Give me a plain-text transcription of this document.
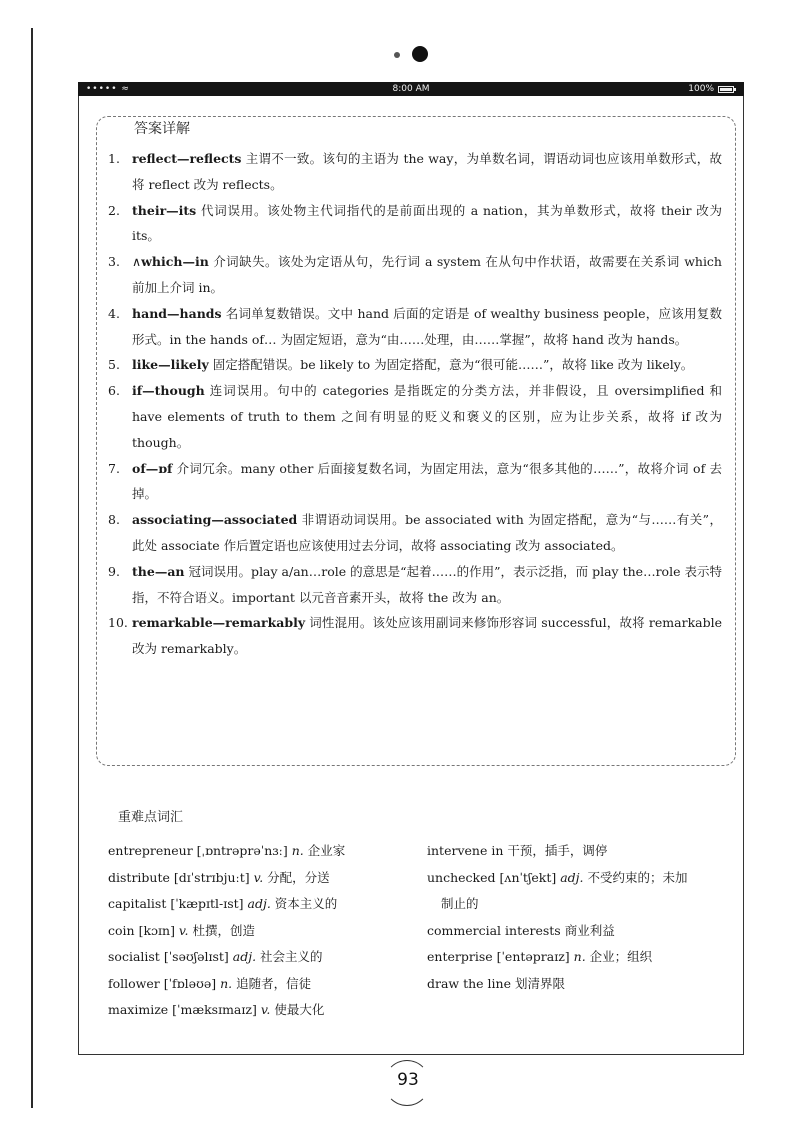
••••• ≈	8:00 AM	100%
答案详解
1. reflect—reflects 主谓不一致。该句的主语为 the way，为单数名词，谓语动词也应该用单数形式，故将 reflect 改为 reflects。
2. their—its 代词误用。该处物主代词指代的是前面出现的 a nation，其为单数形式，故将 their 改为 its。
3. ∧which—in 介词缺失。该处为定语从句，先行词 a system 在从句中作状语，故需要在关系词 which 前加上介词 in。
4. hand—hands 名词单复数错误。文中 hand 后面的定语是 of wealthy business people，应该用复数形式。in the hands of… 为固定短语，意为“由……处理，由……掌握”，故将 hand 改为 hands。
5. like—likely 固定搭配错误。be likely to 为固定搭配，意为“很可能……”，故将 like 改为 likely。
6. if—though 连词误用。句中的 categories 是指既定的分类方法，并非假设，且 oversimplified 和 have elements of truth to them 之间有明显的贬义和褒义的区别，应为让步关系，故将 if 改为 though。
7. of—ɒf 介词冗余。many other 后面接复数名词，为固定用法，意为“很多其他的……”，故将介词 of 去掉。
8. associating—associated 非谓语动词误用。be associated with 为固定搭配，意为“与……有关”，此处 associate 作后置定语也应该使用过去分词，故将 associating 改为 associated。
9. the—an 冠词误用。play a/an…role 的意思是“起着……的作用”，表示泛指，而 play the…role 表示特指，不符合语义。important 以元音音素开头，故将 the 改为 an。
10. remarkable—remarkably 词性混用。该处应该用副词来修饰形容词 successful，故将 remarkable 改为 remarkably。
重难点词汇
entrepreneur [ˌɒntrəprəˈnɜː] n. 企业家
distribute [dɪˈstrɪbjuːt] v. 分配，分送
capitalist [ˈkæpɪtl-ɪst] adj. 资本主义的
coin [kɔɪn] v. 杜撰，创造
socialist [ˈsəʊʃəlɪst] adj. 社会主义的
follower [ˈfɒləʊə] n. 追随者，信徒
maximize [ˈmæksɪmaɪz] v. 使最大化
intervene in 干预，插手，调停
unchecked [ʌnˈtʃekt] adj. 不受约束的；未加
制止的
commercial interests 商业利益
enterprise [ˈentəpraɪz] n. 企业；组织
draw the line 划清界限
93
